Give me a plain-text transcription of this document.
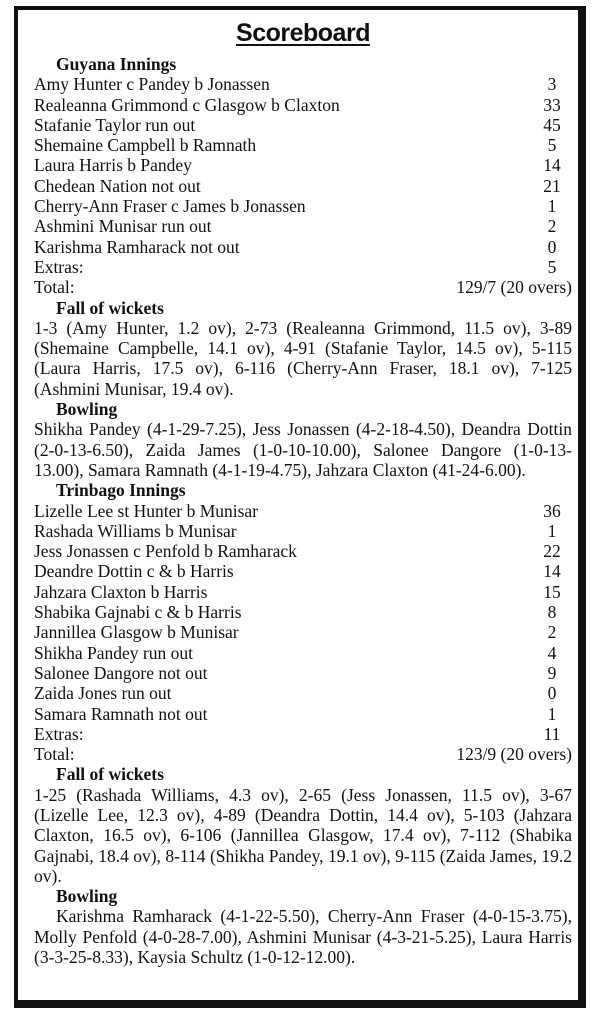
Scoreboard
Guyana Innings
Amy Hunter c Pandey b Jonassen	3
Realeanna Grimmond c Glasgow b Claxton	33
Stafanie Taylor run out	45
Shemaine Campbell b Ramnath	5
Laura Harris b Pandey	14
Chedean Nation not out	21
Cherry-Ann Fraser c James b Jonassen	1
Ashmini Munisar run out	2
Karishma Ramharack not out	0
Extras:	5
Total:	129/7 (20 overs)
Fall of wickets

1-3 (Amy Hunter, 1.2 ov), 2-73 (Realeanna Grimmond, 11.5 ov), 3-89 (Shemaine Campbelle, 14.1 ov), 4-91 (Stafanie Taylor, 14.5 ov), 5-115 (Laura Harris, 17.5 ov), 6-116 (Cherry-Ann Fraser, 18.1 ov), 7-125 (Ashmini Munisar, 19.4 ov).

Bowling

Shikha Pandey (4-1-29-7.25), Jess Jonassen (4-2-18-4.50), Deandra Dottin (2-0-13-6.50), Zaida James (1-0-10-10.00), Salonee Dangore (1-0-13-13.00), Samara Ramnath (4-1-19-4.75), Jahzara Claxton (41-24-6.00).

Trinbago Innings
Lizelle Lee st Hunter b Munisar	36
Rashada Williams b Munisar	1
Jess Jonassen c Penfold b Ramharack	22
Deandre Dottin c & b Harris	14
Jahzara Claxton b Harris	15
Shabika Gajnabi c & b Harris	8
Jannillea Glasgow b Munisar	2
Shikha Pandey run out	4
Salonee Dangore not out	9
Zaida Jones run out	0
Samara Ramnath not out	1
Extras:	11
Total:	123/9 (20 overs)
Fall of wickets

1-25 (Rashada Williams, 4.3 ov), 2-65 (Jess Jonassen, 11.5 ov), 3-67 (Lizelle Lee, 12.3 ov), 4-89 (Deandra Dottin, 14.4 ov), 5-103 (Jahzara Claxton, 16.5 ov), 6-106 (Jannillea Glasgow, 17.4 ov), 7-112 (Shabika Gajnabi, 18.4 ov), 8-114 (Shikha Pandey, 19.1 ov), 9-115 (Zaida James, 19.2 ov).

Bowling

Karishma Ramharack (4-1-22-5.50), Cherry-Ann Fraser (4-0-15-3.75), Molly Penfold (4-0-28-7.00), Ashmini Munisar (4-3-21-5.25), Laura Harris (3-3-25-8.33), Kaysia Schultz (1-0-12-12.00).
